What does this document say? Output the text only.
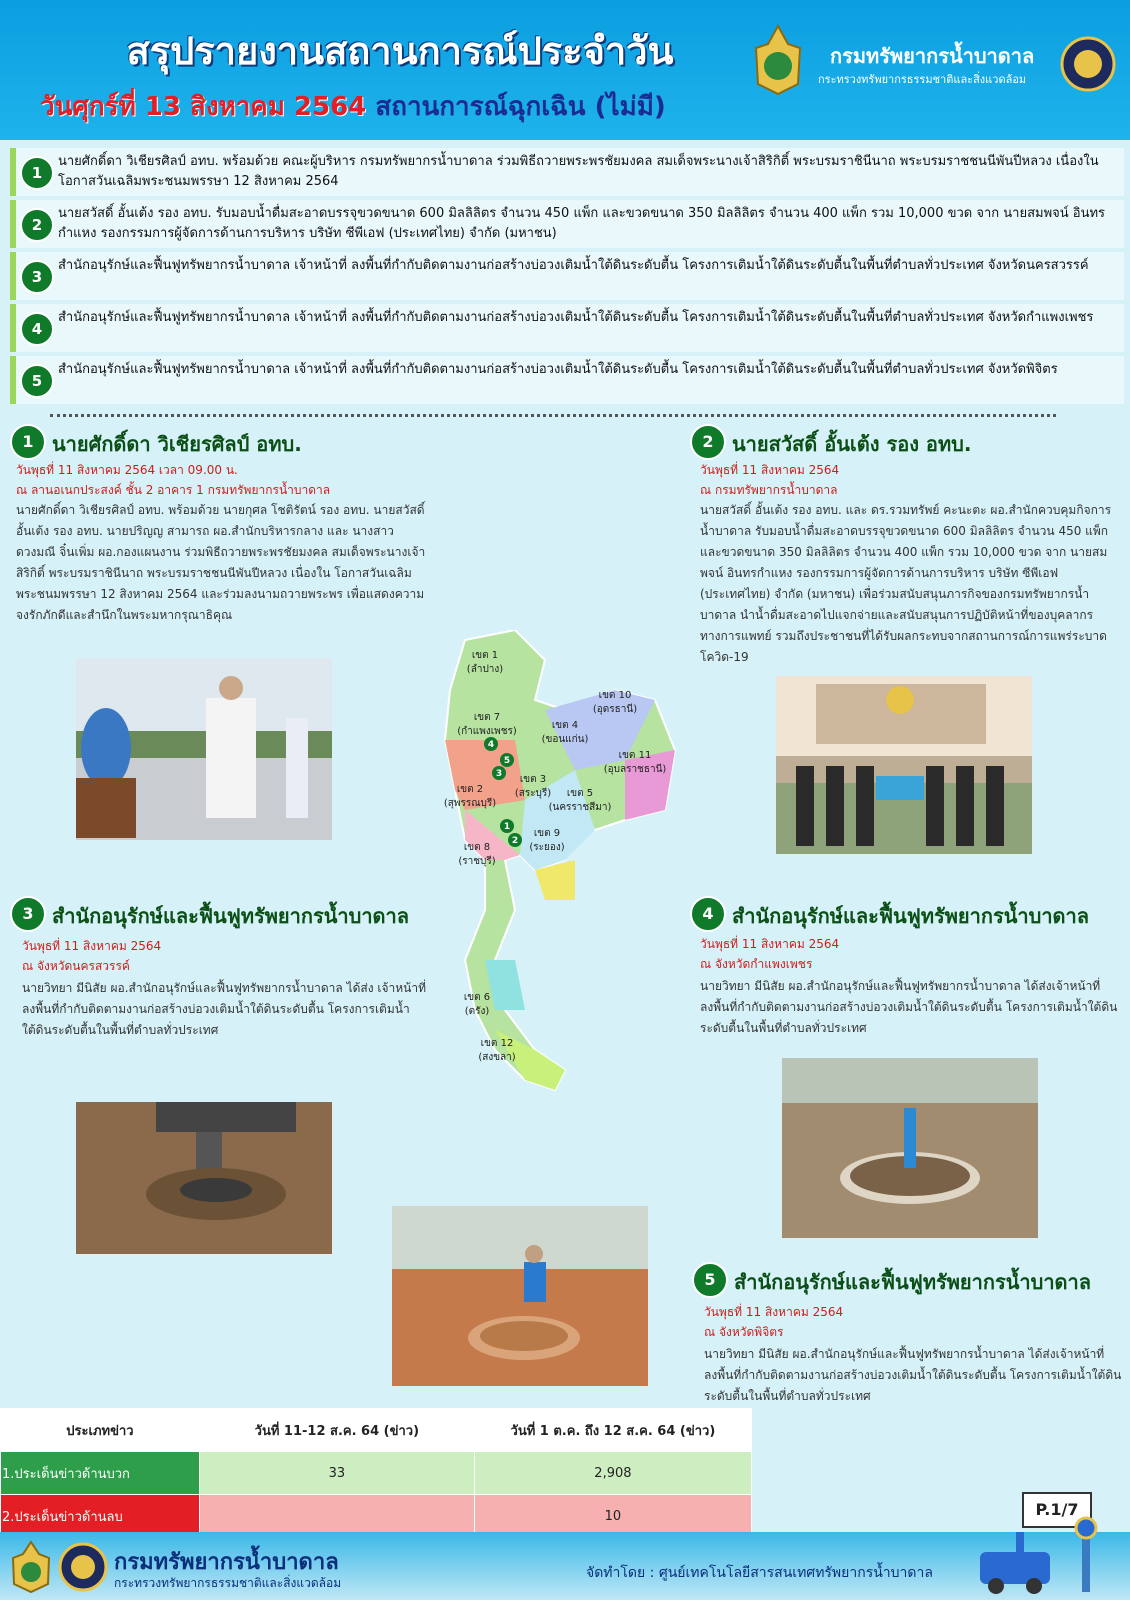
สรุปรายงานสถานการณ์ประจำวัน
วันศุกร์ที่ 13 สิงหาคม 2564 สถานการณ์ฉุกเฉิน (ไม่มี)
กรมทรัพยากรน้ำบาดาล
กระทรวงทรัพยากรธรรมชาติและสิ่งแวดล้อม
1
นายศักดิ์ดา วิเชียรศิลป์ อทบ. พร้อมด้วย คณะผู้บริหาร กรมทรัพยากรน้ำบาดาล ร่วมพิธีถวายพระพรชัยมงคล สมเด็จพระนางเจ้าสิริกิติ์ พระบรมราชินีนาถ พระบรมราชชนนีพันปีหลวง เนื่องในโอกาสวันเฉลิมพระชนมพรรษา 12 สิงหาคม 2564
2
นายสวัสดิ์ อั้นเต้ง รอง อทบ. รับมอบน้ำดื่มสะอาดบรรจุขวดขนาด 600 มิลลิลิตร จำนวน 450 แพ็ก และขวดขนาด 350 มิลลิลิตร จำนวน 400 แพ็ก รวม 10,000 ขวด จาก นายสมพจน์ อินทรกำแหง รองกรรมการผู้จัดการด้านการบริหาร บริษัท ซีพีเอฟ (ประเทศไทย) จำกัด (มหาชน)
3
สำนักอนุรักษ์และฟื้นฟูทรัพยากรน้ำบาดาล เจ้าหน้าที่ ลงพื้นที่กำกับติดตามงานก่อสร้างบ่อวงเติมน้ำใต้ดินระดับตื้น โครงการเติมน้ำใต้ดินระดับตื้นในพื้นที่ตำบลทั่วประเทศ จังหวัดนครสวรรค์
4
สำนักอนุรักษ์และฟื้นฟูทรัพยากรน้ำบาดาล เจ้าหน้าที่ ลงพื้นที่กำกับติดตามงานก่อสร้างบ่อวงเติมน้ำใต้ดินระดับตื้น โครงการเติมน้ำใต้ดินระดับตื้นในพื้นที่ตำบลทั่วประเทศ จังหวัดกำแพงเพชร
5
สำนักอนุรักษ์และฟื้นฟูทรัพยากรน้ำบาดาล เจ้าหน้าที่ ลงพื้นที่กำกับติดตามงานก่อสร้างบ่อวงเติมน้ำใต้ดินระดับตื้น โครงการเติมน้ำใต้ดินระดับตื้นในพื้นที่ตำบลทั่วประเทศ จังหวัดพิจิตร
1 นายศักดิ์ดา วิเชียรศิลป์ อทบ.
วันพุธที่ 11 สิงหาคม 2564 เวลา 09.00 น.
ณ ลานอเนกประสงค์ ชั้น 2 อาคาร 1 กรมทรัพยากรน้ำบาดาล
นายศักดิ์ดา วิเชียรศิลป์ อทบ. พร้อมด้วย นายกุศล โชติรัตน์ รอง อทบ. นายสวัสดิ์ อั้นเต้ง รอง อทบ. นายปริญญ สามารถ ผอ.สำนักบริหารกลาง และ นางสาวดวงมณี จิ๋นเพิ่ม ผอ.กองแผนงาน ร่วมพิธีถวายพระพรชัยมงคล สมเด็จพระนางเจ้าสิริกิติ์ พระบรมราชินีนาถ พระบรมราชชนนีพันปีหลวง เนื่องใน โอกาสวันเฉลิมพระชนมพรรษา 12 สิงหาคม 2564 และร่วมลงนามถวายพระพร เพื่อแสดงความจงรักภักดีและสำนึกในพระมหากรุณาธิคุณ
2 นายสวัสดิ์ อั้นเต้ง รอง อทบ.
วันพุธที่ 11 สิงหาคม 2564
ณ กรมทรัพยากรน้ำบาดาล
นายสวัสดิ์ อั้นเต้ง รอง อทบ. และ ดร.รวมทรัพย์ คะนะตะ ผอ.สำนักควบคุมกิจการน้ำบาดาล รับมอบน้ำดื่มสะอาดบรรจุขวดขนาด 600 มิลลิลิตร จำนวน 450 แพ็ก และขวดขนาด 350 มิลลิลิตร จำนวน 400 แพ็ก รวม 10,000 ขวด จาก นายสมพจน์ อินทรกำแหง รองกรรมการผู้จัดการด้านการบริหาร บริษัท ซีพีเอฟ (ประเทศไทย) จำกัด (มหาชน) เพื่อร่วมสนับสนุนภารกิจของกรมทรัพยากรน้ำบาดาล นำน้ำดื่มสะอาดไปแจกจ่ายและสนับสนุนการปฏิบัติหน้าที่ของบุคลากรทางการแพทย์ รวมถึงประชาชนที่ได้รับผลกระทบจากสถานการณ์การแพร่ระบาดโควิด-19
เขต 1
(ลำปาง)
เขต 7
(กำแพงเพชร)
เขต 4
(ขอนแก่น)
เขต 10
(อุดรธานี)
เขต 11
(อุบลราชธานี)
เขต 2
(สุพรรณบุรี)
เขต 3
(สระบุรี) เขต 5
(นครราชสีมา)
เขต 8
(ราชบุรี)
เขต 9
(ระยอง)
เขต 6
(ตรัง)
เขต 12
(สงขลา)
1
2
3
4
5
3 สำนักอนุรักษ์และฟื้นฟูทรัพยากรน้ำบาดาล
วันพุธที่ 11 สิงหาคม 2564
ณ จังหวัดนครสวรรค์
นายวิทยา มีนิสัย ผอ.สำนักอนุรักษ์และฟื้นฟูทรัพยากรน้ำบาดาล ได้ส่ง เจ้าหน้าที่ ลงพื้นที่กำกับติดตามงานก่อสร้างบ่อวงเติมน้ำใต้ดินระดับตื้น โครงการเติมน้ำใต้ดินระดับตื้นในพื้นที่ตำบลทั่วประเทศ
4 สำนักอนุรักษ์และฟื้นฟูทรัพยากรน้ำบาดาล
วันพุธที่ 11 สิงหาคม 2564
ณ จังหวัดกำแพงเพชร
นายวิทยา มีนิสัย ผอ.สำนักอนุรักษ์และฟื้นฟูทรัพยากรน้ำบาดาล ได้ส่งเจ้าหน้าที่ ลงพื้นที่กำกับติดตามงานก่อสร้างบ่อวงเติมน้ำใต้ดินระดับตื้น โครงการเติมน้ำใต้ดิน ระดับตื้นในพื้นที่ตำบลทั่วประเทศ
5 สำนักอนุรักษ์และฟื้นฟูทรัพยากรน้ำบาดาล
วันพุธที่ 11 สิงหาคม 2564
ณ จังหวัดพิจิตร
นายวิทยา มีนิสัย ผอ.สำนักอนุรักษ์และฟื้นฟูทรัพยากรน้ำบาดาล ได้ส่งเจ้าหน้าที่ ลงพื้นที่กำกับติดตามงานก่อสร้างบ่อวงเติมน้ำใต้ดินระดับตื้น โครงการเติมน้ำใต้ดิน ระดับตื้นในพื้นที่ตำบลทั่วประเทศ
ประเภทข่าว	วันที่ 11-12 ส.ค. 64 (ข่าว)	วันที่ 1 ต.ค. ถึง 12 ส.ค. 64 (ข่าว)
1.ประเด็นข่าวด้านบวก	33	2,908
2.ประเด็นข่าวด้านลบ		10	P.1/7
กรมทรัพยากรน้ำบาดาล
กระทรวงทรัพยากรธรรมชาติและสิ่งแวดล้อม
จัดทำโดย : ศูนย์เทคโนโลยีสารสนเทศทรัพยากรน้ำบาดาล
